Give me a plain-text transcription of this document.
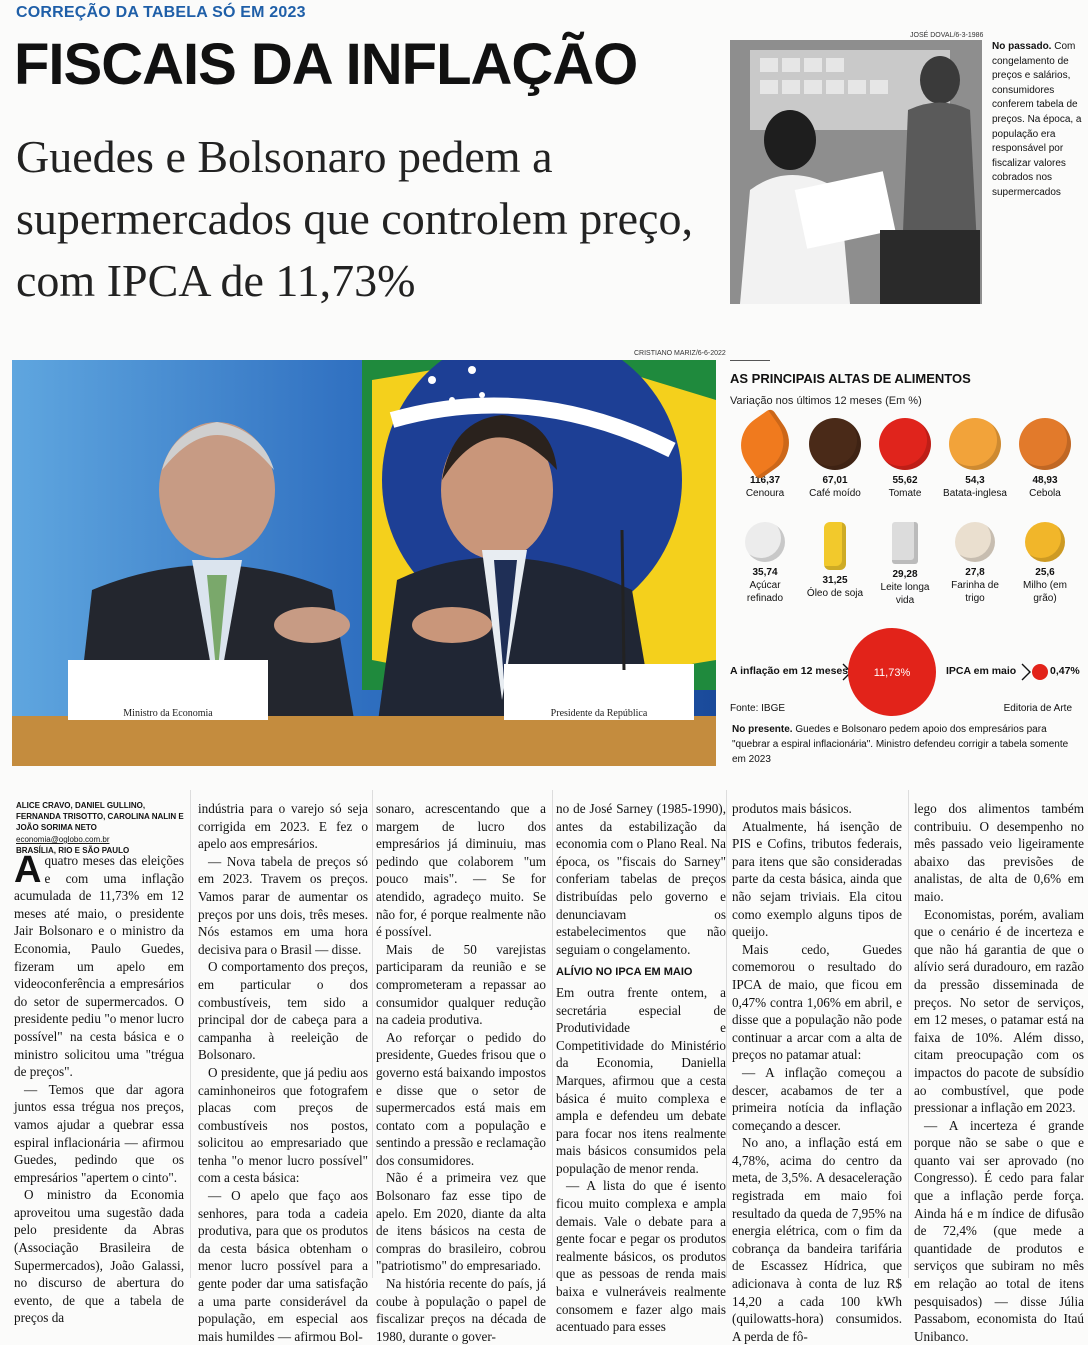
CORREÇÃO DA TABELA SÓ EM 2023
FISCAIS DA INFLAÇÃO
Guedes e Bolsonaro pedem a supermercados que controlem preço, com IPCA de 11,73%
JOSÉ DOVAL/6-3-1986
No passado. Com congelamento de preços e salários, consumidores conferem tabela de preços. Na época, a população era responsável por fiscalizar valores cobrados nos supermercados
CRISTIANO MARIZ/6-6-2022
Ministro da Economia	Presidente da República
AS PRINCIPAIS ALTAS DE ALIMENTOS
Variação nos últimos 12 meses (Em %)
116,37
Cenoura
67,01
Café moído
55,62
Tomate
54,3
Batata-inglesa
48,93
Cebola
35,74
Açúcar refinado
31,25
Óleo de soja
29,28
Leite longa vida
27,8
Farinha de trigo
25,6
Milho (em grão)
A inflação em 12 meses 11,73%	IPCA em maio	0,47%
Fonte: IBGE	Editoria de Arte
No presente. Guedes e Bolsonaro pedem apoio dos empresários para "quebrar a espiral inflacionária". Ministro defendeu corrigir a tabela somente em 2023
ALICE CRAVO, DANIEL GULLINO, FERNANDA TRISOTTO, CAROLINA NALIN E JOÃO SORIMA NETO
economia@oglobo.com.br
BRASÍLIA, RIO E SÃO PAULO

Aquatro meses das eleições e com uma inflação acumulada de 11,73% em 12 meses até maio, o presidente Jair Bolsonaro e o ministro da Economia, Paulo Guedes, fizeram um apelo em videoconferência a empresários do setor de supermercados. O presidente pediu "o menor lucro possível" na cesta básica e o ministro solicitou uma "trégua de preços".

— Temos que dar agora juntos essa trégua nos preços, vamos ajudar a quebrar essa espiral inflacionária — afirmou Guedes, pedindo que os empresários "apertem o cinto".

O ministro da Economia aproveitou uma sugestão dada pelo presidente da Abras (Associação Brasileira de Supermercados), João Galassi, no discurso de abertura do evento, de que a tabela de preços da

indústria para o varejo só seja corrigida em 2023. E fez o apelo aos empresários.

— Nova tabela de preços só em 2023. Travem os preços. Vamos parar de aumentar os preços por uns dois, três meses. Nós estamos em uma hora decisiva para o Brasil — disse.

O comportamento dos preços, em particular o dos combustíveis, tem sido a principal dor de cabeça para a campanha à reeleição de Bolsonaro.

O presidente, que já pediu aos caminhoneiros que fotografem placas com preços de combustíveis nos postos, solicitou ao empresariado que tenha "o menor lucro possível" com a cesta básica:

— O apelo que faço aos senhores, para toda a cadeia produtiva, para que os produtos da cesta básica obtenham o menor lucro possível para a gente poder dar uma satisfação a uma parte considerável da população, em especial aos mais humildes — afirmou Bol-

sonaro, acrescentando que a margem de lucro dos empresários já diminuiu, mas pedindo que colaborem "um pouco mais". — Se for atendido, agradeço muito. Se não for, é porque realmente não é possível.

Mais de 50 varejistas participaram da reunião e se comprometeram a repassar ao consumidor qualquer redução na cadeia produtiva.

Ao reforçar o pedido do presidente, Guedes frisou que o governo está baixando impostos e disse que o setor de supermercados está mais em contato com a população e sentindo a pressão e reclamação dos consumidores.

Não é a primeira vez que Bolsonaro faz esse tipo de apelo. Em 2020, diante da alta de itens básicos na cesta de compras do brasileiro, cobrou "patriotismo" do empresariado.

Na história recente do país, já coube à população o papel de fiscalizar preços na década de 1980, durante o gover-

no de José Sarney (1985-1990), antes da estabilização da economia com o Plano Real. Na época, os "fiscais do Sarney" conferiam tabelas de preços distribuídas pelo governo e denunciavam os estabelecimentos que não seguiam o congelamento.

ALÍVIO NO IPCA EM MAIO

Em outra frente ontem, a secretária especial de Produtividade e Competitividade do Ministério da Economia, Daniella Marques, afirmou que a cesta básica é muito complexa e ampla e defendeu um debate para focar nos itens realmente mais básicos consumidos pela população de menor renda.

— A lista do que é isento ficou muito complexa e ampla demais. Vale o debate para a gente focar e pegar os produtos realmente básicos, os produtos que as pessoas de renda mais baixa e vulneráveis realmente consomem e fazer algo mais acentuado para esses

produtos mais básicos.

Atualmente, há isenção de PIS e Cofins, tributos federais, para itens que são consideradas parte da cesta básica, ainda que não sejam triviais. Ela citou como exemplo alguns tipos de queijo.

Mais cedo, Guedes comemorou o resultado do IPCA de maio, que ficou em 0,47% contra 1,06% em abril, e disse que a população não pode continuar a arcar com a alta de preços no patamar atual:

— A inflação começou a descer, acabamos de ter a primeira notícia da inflação começando a descer.

No ano, a inflação está em 4,78%, acima do centro da meta, de 3,5%. A desaceleração registrada em maio foi resultado da queda de 7,95% na energia elétrica, com o fim da cobrança da bandeira tarifária de Escassez Hídrica, que adicionava à conta de luz R$ 14,20 a cada 100 kWh (quilowatts-hora) consumidos. A perda de fô-

lego dos alimentos também contribuiu. O desempenho no mês passado veio ligeiramente abaixo das previsões de analistas, de alta de 0,6% em maio.

Economistas, porém, avaliam que o cenário é de incerteza e que não há garantia de que o alívio será duradouro, em razão da pressão disseminada de preços. No setor de serviços, em 12 meses, o patamar está na faixa de 10%. Além disso, citam preocupação com os impactos do pacote de subsídio ao combustível, que pode pressionar a inflação em 2023.

— A incerteza é grande porque não se sabe o que e quanto vai ser aprovado (no Congresso). É cedo para falar que a inflação perde força. Ainda há e m índice de difusão de 72,4% (que mede a quantidade de produtos e serviços que subiram no mês em relação ao total de itens pesquisados) — disse Júlia Passabom, economista do Itaú Unibanco.
